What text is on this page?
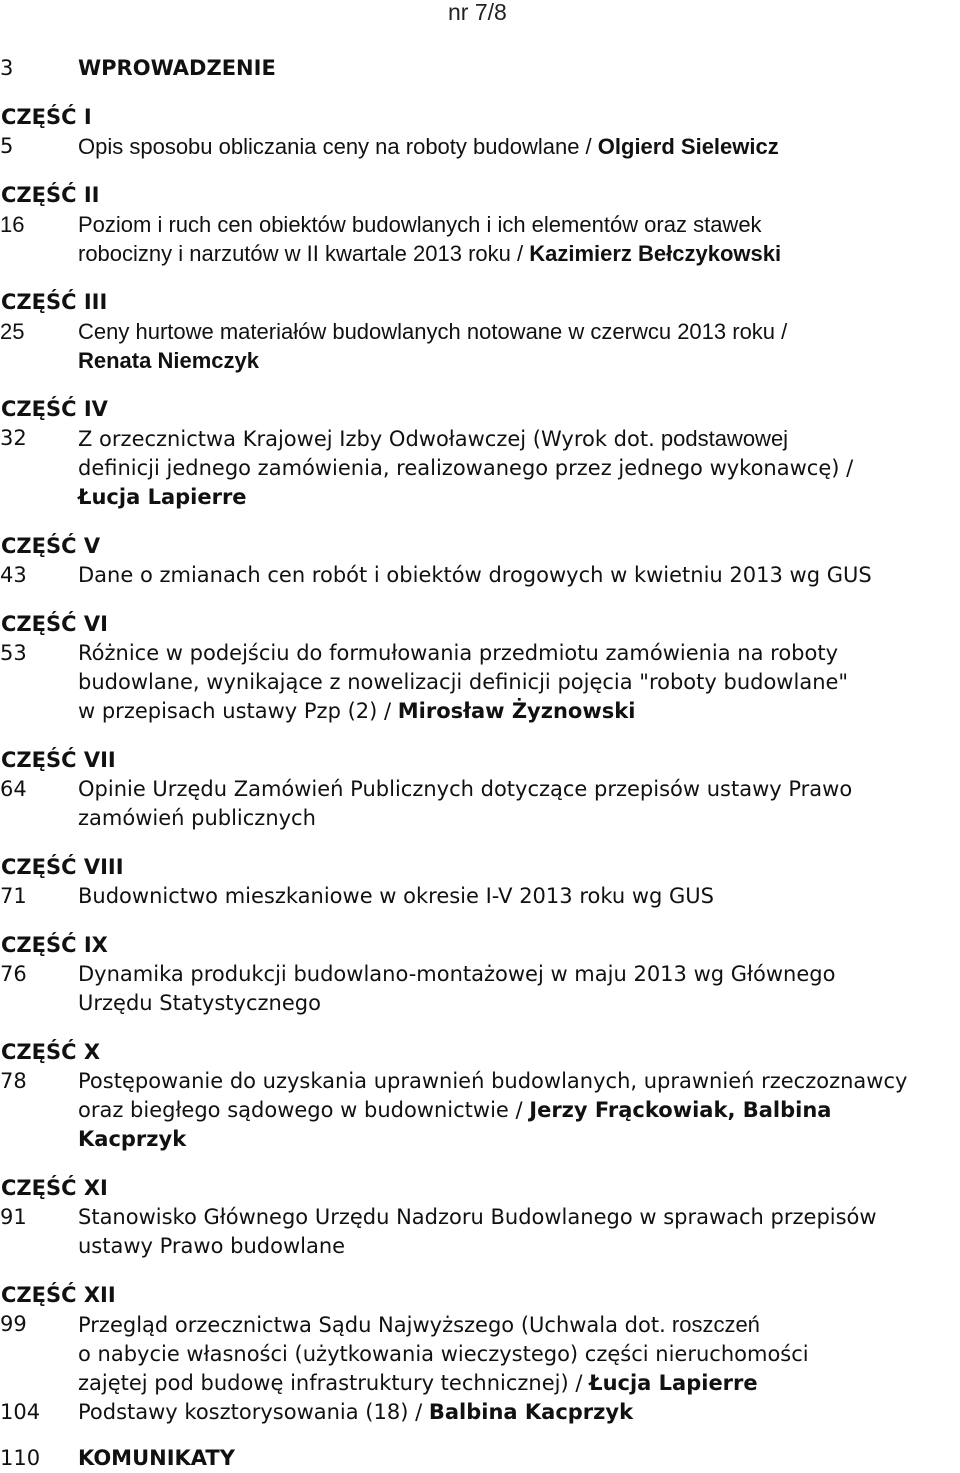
nr 7/8
3	WPROWADZENIE
CZĘŚĆ I
5	Opis sposobu obliczania ceny na roboty budowlane / Olgierd Sielewicz
CZĘŚĆ II
16	Poziom i ruch cen obiektów budowlanych i ich elementów oraz stawek
robocizny i narzutów w II kwartale 2013 roku / Kazimierz Bełczykowski
CZĘŚĆ III
25	Ceny hurtowe materiałów budowlanych notowane w czerwcu 2013 roku /
Renata Niemczyk
CZĘŚĆ IV
32	Z orzecznictwa Krajowej Izby Odwoławczej (Wyrok dot. podstawowej
definicji jednego zamówienia, realizowanego przez jednego wykonawcę) /
Łucja Lapierre
CZĘŚĆ V
43	Dane o zmianach cen robót i obiektów drogowych w kwietniu 2013 wg GUS
CZĘŚĆ VI
53	Różnice w podejściu do formułowania przedmiotu zamówienia na roboty
budowlane, wynikające z nowelizacji definicji pojęcia "roboty budowlane"
w przepisach ustawy Pzp (2) / Mirosław Żyznowski
CZĘŚĆ VII
64	Opinie Urzędu Zamówień Publicznych dotyczące przepisów ustawy Prawo
zamówień publicznych
CZĘŚĆ VIII
71	Budownictwo mieszkaniowe w okresie I-V 2013 roku wg GUS
CZĘŚĆ IX
76	Dynamika produkcji budowlano-montażowej w maju 2013 wg Głównego
Urzędu Statystycznego
CZĘŚĆ X
78	Postępowanie do uzyskania uprawnień budowlanych, uprawnień rzeczoznawcy
oraz biegłego sądowego w budownictwie / Jerzy Frąckowiak, Balbina
Kacprzyk
CZĘŚĆ XI
91	Stanowisko Głównego Urzędu Nadzoru Budowlanego w sprawach przepisów
ustawy Prawo budowlane
CZĘŚĆ XII
99	Przegląd orzecznictwa Sądu Najwyższego (Uchwala dot. roszczeń
o nabycie własności (użytkowania wieczystego) części nieruchomości
zajętej pod budowę infrastruktury technicznej) / Łucja Lapierre
104	Podstawy kosztorysowania (18) / Balbina Kacprzyk
110	KOMUNIKATY
